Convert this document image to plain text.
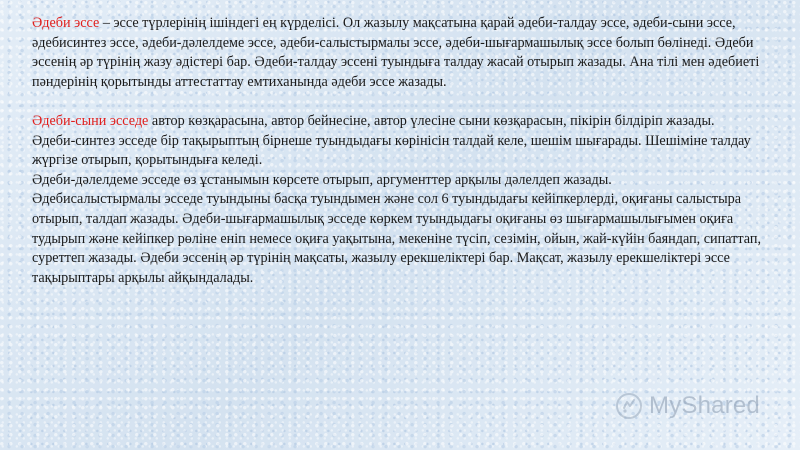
Әдеби эссе – эссе түрлерінің ішіндегі ең күрделісі. Ол жазылу мақсатына қарай әдеби-талдау эссе, әдеби-сыни эссе, әдебисинтез эссе, әдеби-дәлелдеме эссе, әдеби-салыстырмалы эссе, әдеби-шығармашылық эссе болып бөлінеді. Әдеби эссенің әр түрінің жазу әдістері бар. Әдеби-талдау эссені туындыға талдау жасай отырып жазады. Ана тілі мен әдебиеті пәндерінің қорытынды аттестаттау емтиханында әдеби эссе жазады.

Әдеби-сыни эсседе автор көзқарасына, автор бейнесіне, автор үлесіне сыни көзқарасын, пікірін білдіріп жазады.

Әдеби-синтез эсседе бір тақырыптың бірнеше туындыдағы көрінісін талдай келе, шешім шығарады. Шешіміне талдау жүргізе отырып, қорытындыға келеді.

Әдеби-дәлелдеме эсседе өз ұстанымын көрсете отырып, аргументтер арқылы дәлелдеп жазады.

Әдебисалыстырмалы эсседе туындыны басқа туындымен және сол 6 туындыдағы кейіпкерлерді, оқиғаны салыстыра отырып, талдап жазады. Әдеби-шығармашылық эсседе көркем туындыдағы оқиғаны өз шығармашылығымен оқиға тудырып және кейіпкер рөліне еніп немесе оқиға уақытына, мекеніне түсіп, сезімін, ойын, жай-күйін баяндап, сипаттап, суреттеп жазады. Әдеби эссенің әр түрінің мақсаты, жазылу ерекшеліктері бар. Мақсат, жазылу ерекшеліктері эссе тақырыптары арқылы айқындалады.

MyShared
